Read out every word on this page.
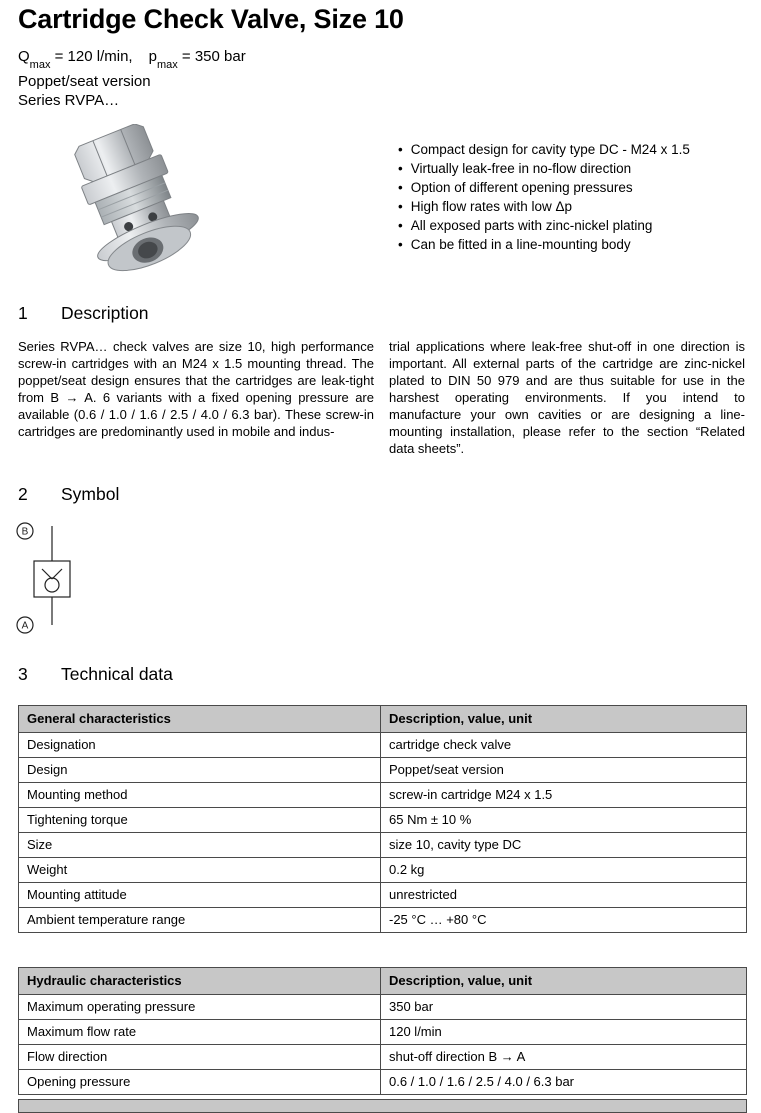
Cartridge Check Valve, Size 10
$Q_{max} = 120$ l/min, $p_{max} = 350$ bar
Poppet/seat version
Series RVPA…
• Compact design for cavity type DC - M24 x 1.5
• Virtually leak-free in no-flow direction
• Option of different opening pressures
• High flow rates with low Δp
• All exposed parts with zinc-nickel plating
• Can be fitted in a line-mounting body
1	Description

Series RVPA… check valves are size 10, high performance screw-in cartridges with an M24 x 1.5 mounting thread. The poppet/seat design ensures that the cartridges are leak-tight from B → A. 6 variants with a fixed opening pressure are available (0.6 / 1.0 / 1.6 / 2.5 / 4.0 / 6.3 bar). These screw-in cartridges are predominantly used in mobile and indus-

trial applications where leak-free shut-off in one direction is important. All external parts of the cartridge are zinc-nickel plated to DIN 50 979 and are thus suitable for use in the harshest operating environments. If you intend to manufacture your own cavities or are designing a line-mounting installation, please refer to the section “Related data sheets”.

2	Symbol
B
A
3	Technical data
General characteristics	Description, value, unit
Designation	cartridge check valve
Design	Poppet/seat version
Mounting method	screw-in cartridge M24 x 1.5
Tightening torque	65 Nm ± 10 %
Size	size 10, cavity type DC
Weight	0.2 kg
Mounting attitude	unrestricted
Ambient temperature range	-25 °C … +80 °C
Hydraulic characteristics	Description, value, unit
Maximum operating pressure	350 bar
Maximum flow rate	120 l/min
Flow direction	shut-off direction B → A
Opening pressure	0.6 / 1.0 / 1.6 / 2.5 / 4.0 / 6.3 bar
